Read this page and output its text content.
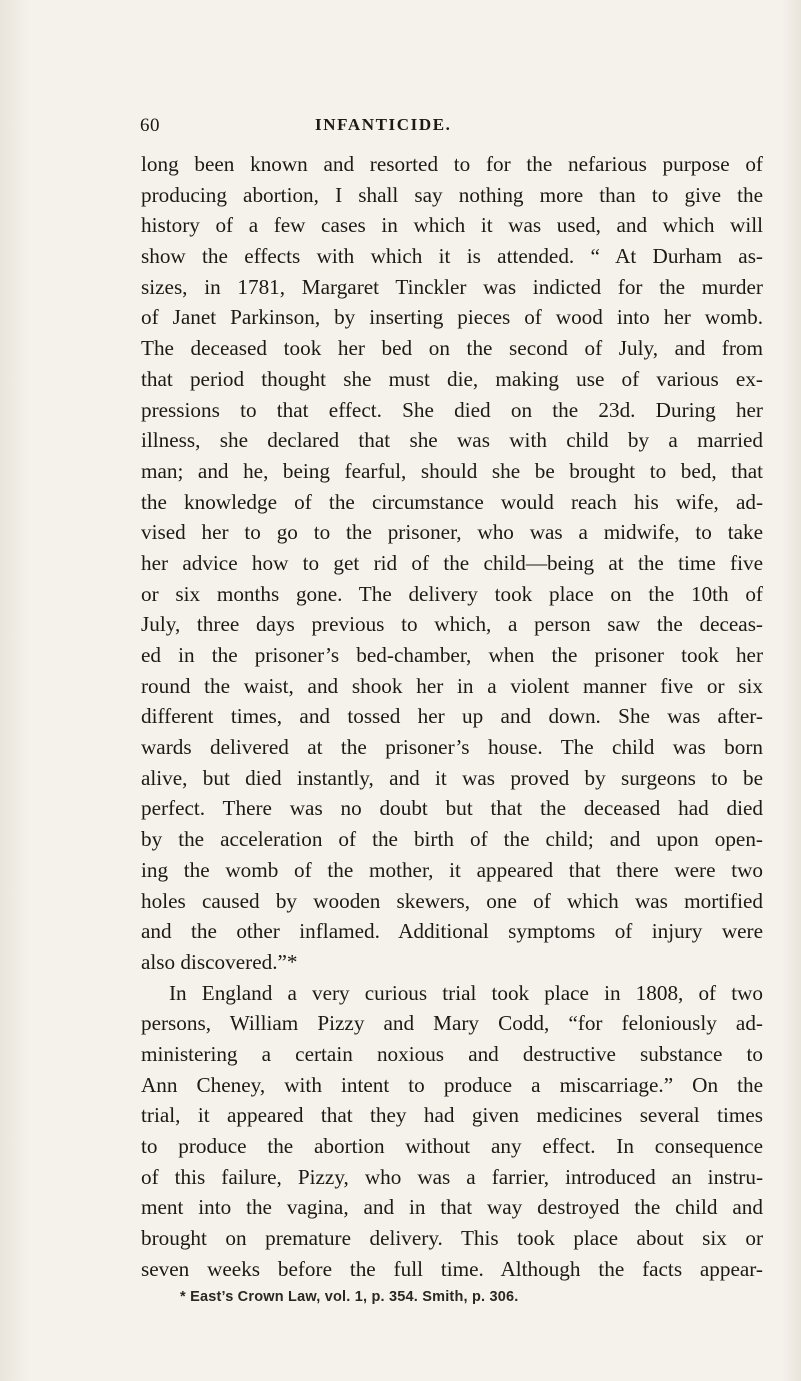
60	INFANTICIDE.
long been known and resorted to for the nefarious purpose of
producing abortion, I shall say nothing more than to give the
history of a few cases in which it was used, and which will
show the effects with which it is attended. “ At Durham as-
sizes, in 1781, Margaret Tinckler was indicted for the murder
of Janet Parkinson, by inserting pieces of wood into her womb.
The deceased took her bed on the second of July, and from
that period thought she must die, making use of various ex-
pressions to that effect. She died on the 23d. During her
illness, she declared that she was with child by a married
man; and he, being fearful, should she be brought to bed, that
the knowledge of the circumstance would reach his wife, ad-
vised her to go to the prisoner, who was a midwife, to take
her advice how to get rid of the child—being at the time five
or six months gone. The delivery took place on the 10th of
July, three days previous to which, a person saw the deceas-
ed in the prisoner’s bed-chamber, when the prisoner took her
round the waist, and shook her in a violent manner five or six
different times, and tossed her up and down. She was after-
wards delivered at the prisoner’s house. The child was born
alive, but died instantly, and it was proved by surgeons to be
perfect. There was no doubt but that the deceased had died
by the acceleration of the birth of the child; and upon open-
ing the womb of the mother, it appeared that there were two
holes caused by wooden skewers, one of which was mortified
and the other inflamed. Additional symptoms of injury were
also discovered.”*
In England a very curious trial took place in 1808, of two
persons, William Pizzy and Mary Codd, “for feloniously ad-
ministering a certain noxious and destructive substance to
Ann Cheney, with intent to produce a miscarriage.” On the
trial, it appeared that they had given medicines several times
to produce the abortion without any effect. In consequence
of this failure, Pizzy, who was a farrier, introduced an instru-
ment into the vagina, and in that way destroyed the child and
brought on premature delivery. This took place about six or
seven weeks before the full time. Although the facts appear-
* East’s Crown Law, vol. 1, p. 354. Smith, p. 306.
